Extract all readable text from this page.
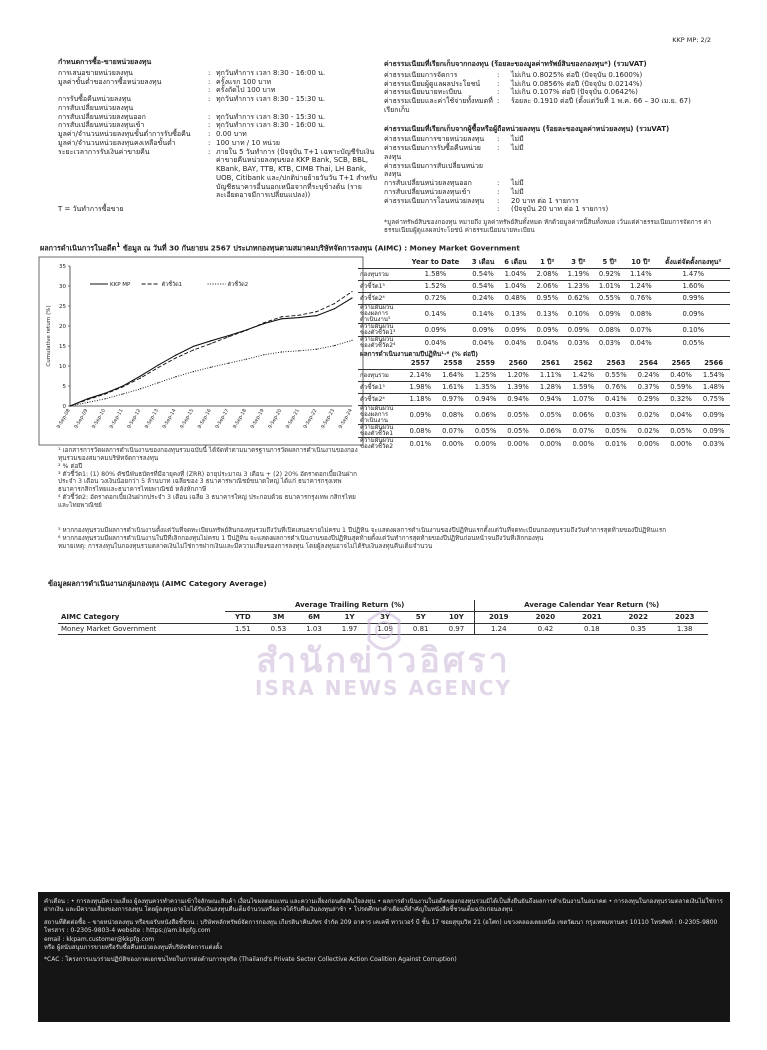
KKP MP: 2/2
กำหนดการซื้อ-ขายหน่วยลงทุน
การเสนอขายหน่วยลงทุน	: ทุกวันทำการ เวลา 8:30 - 16:00 น.
มูลค่าขั้นต่ำของการซื้อหน่วยลงทุน	: ครั้งแรก 100 บาท
: ครั้งถัดไป 100 บาท
การรับซื้อคืนหน่วยลงทุน	: ทุกวันทำการ เวลา 8:30 - 15:30 น.
การสับเปลี่ยนหน่วยลงทุน
การสับเปลี่ยนหน่วยลงทุนออก	: ทุกวันทำการ เวลา 8:30 - 15:30 น.
การสับเปลี่ยนหน่วยลงทุนเข้า	: ทุกวันทำการ เวลา 8:30 - 16:00 น.
มูลค่า/จำนวนหน่วยลงทุนขั้นต่ำการรับซื้อคืน	: 0.00 บาท
มูลค่า/จำนวนหน่วยลงทุนคงเหลือขั้นต่ำ	: 100 บาท / 10 หน่วย
ระยะเวลาการรับเงินค่าขายคืน	: ภายใน 5 วันทำการ (ปัจจุบัน T+1 เฉพาะบัญชีรับเงินค่าขายคืนหน่วยลงทุนของ KKP Bank, SCB, BBL, KBank, BAY, TTB, KTB, CIMB Thai, LH Bank, UOB, Citibank และ/ปกติบ่ายย้ายวันวัน T+1 สำหรับบัญชีธนาคารอื่นนอกเหนือจากที่ระบุข้างต้น (รายละเอียดอาจมีการเปลี่ยนแปลง))
T = วันทำการซื้อขาย
ค่าธรรมเนียมที่เรียกเก็บจากกองทุน (ร้อยละของมูลค่าทรัพย์สินของกองทุน*) (รวมVAT)
ค่าธรรมเนียมการจัดการ	:	ไม่เกิน 0.8025% ต่อปี (ปัจจุบัน 0.1600%)
ค่าธรรมเนียมผู้ดูแลผลประโยชน์	:	ไม่เกิน 0.0856% ต่อปี (ปัจจุบัน 0.0214%)
ค่าธรรมเนียมนายทะเบียน	:	ไม่เกิน 0.107% ต่อปี (ปัจจุบัน 0.0642%)
ค่าธรรมเนียมและค่าใช้จ่ายทั้งหมดที่เรียกเก็บ
:	ร้อยละ 0.1910 ต่อปี (ตั้งแต่วันที่ 1 พ.ค. 66 – 30 เม.ย. 67)
ค่าธรรมเนียมที่เรียกเก็บจากผู้ซื้อหรือผู้ถือหน่วยลงทุน (ร้อยละของมูลค่าหน่วยลงทุน) (รวมVAT)
ค่าธรรมเนียมการขายหน่วยลงทุน	:	ไม่มี
ค่าธรรมเนียมการรับซื้อคืนหน่วยลงทุน
:	ไม่มี
ค่าธรรมเนียมการสับเปลี่ยนหน่วยลงทุน
การสับเปลี่ยนหน่วยลงทุนออก	:	ไม่มี
การสับเปลี่ยนหน่วยลงทุนเข้า	:	ไม่มี
ค่าธรรมเนียมการโอนหน่วยลงทุน	:	20 บาท ต่อ 1 รายการ
:	(ปัจจุบัน 20 บาท ต่อ 1 รายการ)
*มูลค่าทรัพย์สินของกองทุน หมายถึง มูลค่าทรัพย์สินทั้งหมด หักด้วยมูลค่าหนี้สินทั้งหมด เว้นแต่ค่าธรรมเนียมการจัดการ ค่าธรรมเนียมผู้ดูแลผลประโยชน์ ค่าธรรมเนียมนายทะเบียน
ผลการดำเนินการในอดีต$^1$ ข้อมูล ณ วันที่ 30 กันยายน 2567 ประเภทกองทุนตามสมาคมบริษัทจัดการลงทุน (AIMC) : Money Market Government
0
5
10
15
20
25
30
35
Cumulative return (%)
9-Sep-08 9-Sep-09 9-Sep-10 9-Sep-11 9-Sep-12 9-Sep-13 9-Sep-14 9-Sep-15 9-Sep-16 9-Sep-17 9-Sep-18 9-Sep-19 9-Sep-20 9-Sep-21 9-Sep-22 9-Sep-23 9-Sep-24
KKP MP	ตัวชี้วัด1	ตัวชี้วัด2
	Year to Date	3 เดือน	6 เดือน	1 ปี²	3 ปี²	5 ปี²	10 ปี²	ตั้งแต่จัดตั้งกองทุน²
กองทุนรวม	1.58%	0.54%	1.04%	2.08%	1.19%	0.92%	1.14%	1.47%
ตัวชี้วัด1³	1.52%	0.54%	1.04%	2.06%	1.23%	1.01%	1.24%	1.60%
ตัวชี้วัด2⁴	0.72%	0.24%	0.48%	0.95%	0.62%	0.55%	0.76%	0.99%
ความผันผวนของผลการดำเนินงาน⁵	0.14%	0.14%	0.13%	0.13%	0.10%	0.09%	0.08%	0.09%
ความผันผวนของตัวชี้วัด1³	0.09%	0.09%	0.09%	0.09%	0.09%	0.08%	0.07%	0.10%
ความผันผวนของตัวชี้วัด2⁴	0.04%	0.04%	0.04%	0.04%	0.03%	0.03%	0.04%	0.05%
ผลการดำเนินงานตามปีปฏิทิน¹·⁶ (% ต่อปี)
	2557	2558	2559	2560	2561	2562	2563	2564	2565	2566
กองทุนรวม	2.14%	1.64%	1.25%	1.20%	1.11%	1.42%	0.55%	0.24%	0.40%	1.54%
ตัวชี้วัด1³	1.98%	1.61%	1.35%	1.39%	1.28%	1.59%	0.76%	0.37%	0.59%	1.48%
ตัวชี้วัด2⁴	1.18%	0.97%	0.94%	0.94%	0.94%	1.07%	0.41%	0.29%	0.32%	0.75%
ความผันผวนของผลการดำเนินงาน	0.09%	0.08%	0.06%	0.05%	0.05%	0.06%	0.03%	0.02%	0.04%	0.09%
ความผันผวนของตัวชี้วัด1	0.08%	0.07%	0.05%	0.05%	0.06%	0.07%	0.05%	0.02%	0.05%	0.09%
ความผันผวนของตัวชี้วัด2	0.01%	0.00%	0.00%	0.00%	0.00%	0.00%	0.01%	0.00%	0.00%	0.03%
¹ เอกสารการวัดผลการดำเนินงานของกองทุนรวมฉบับนี้ ได้จัดทำตามมาตรฐานการวัดผลการดำเนินงานของกองทุนรวมของสมาคมบริษัทจัดการลงทุน
² % ต่อปี
³ ตัวชี้วัด1: (1) 80% ดัชนีพันธบัตรที่มีอายุคงที่ (ZRR) อายุประมาณ 3 เดือน + (2) 20% อัตราดอกเบี้ยเงินฝากประจำ 3 เดือน วงเงินน้อยกว่า 5 ล้านบาท เฉลี่ยของ 3 ธนาคารพาณิชย์ขนาดใหญ่ ได้แก่ ธนาคารกรุงเทพ ธนาคารกสิกรไทยและธนาคารไทยพาณิชย์ หลังหักภาษี
⁴ ตัวชี้วัด2: อัตราดอกเบี้ยเงินฝากประจำ 3 เดือน เฉลี่ย 3 ธนาคารใหญ่ ประกอบด้วย ธนาคารกรุงเทพ กสิกรไทย และไทยพาณิชย์
⁵ หากกองทุนรวมมีผลการดำเนินงานตั้งแต่วันที่จดทะเบียนทรัพย์สินกองทุนรวมถึงวันที่เปิดเสนอขายไม่ครบ 1 ปีปฏิทิน จะแสดงผลการดำเนินงานของปีปฏิทินแรกตั้งแต่วันที่จดทะเบียนกองทุนรวมถึงวันทำการสุดท้ายของปีปฏิทินแรก
⁶ หากกองทุนรวมมีผลการดำเนินงานในปีที่เลิกกองทุนไม่ครบ 1 ปีปฏิทิน จะแสดงผลการดำเนินงานของปีปฏิทินสุดท้ายตั้งแต่วันทำการสุดท้ายของปีปฏิทินก่อนหน้าจนถึงวันที่เลิกกองทุน
หมายเหตุ: การลงทุนในกองทุนรวมตลาดเงินไม่ใช่การฝากเงินและมีความเสี่ยงของการลงทุน โดยผู้ลงทุนอาจไม่ได้รับเงินลงทุนคืนเต็มจำนวน
ข้อมูลผลการดำเนินงานกลุ่มกองทุน (AIMC Category Average)
	Average Trailing Return (%)							Average Calendar Year Return (%)				
AIMC Category	YTD	3M	6M	1Y	3Y	5Y	10Y	2019	2020	2021	2022	2023
Money Market Government	1.51	0.53	1.03	1.97	1.09	0.81	0.97	1.24	0.42	0.18	0.35	1.38
สำนักข่าวอิศรา
ISRA NEWS AGENCY

คำเตือน : • การลงทุนมีความเสี่ยง ผู้ลงทุนควรทำความเข้าใจลักษณะสินค้า เงื่อนไขผลตอบแทน และความเสี่ยงก่อนตัดสินใจลงทุน • ผลการดำเนินงานในอดีตของกองทุนรวมมิได้เป็นสิ่งยืนยันถึงผลการดำเนินงานในอนาคต • การลงทุนในกองทุนรวมตลาดเงินไม่ใช่การฝากเงิน และมีความเสี่ยงของการลงทุน โดยผู้ลงทุนอาจไม่ได้รับเงินลงทุนคืนเต็มจำนวนหรืออาจได้รับคืนเงินลงทุนล่าช้า • โปรดศึกษาคำเตือนที่สำคัญในหนังสือชี้ชวนเต็มฉบับก่อนลงทุน

สถานที่ติดต่อซื้อ – ขายหน่วยลงทุน หรือขอรับหนังสือชี้ชวน : บริษัทหลักทรัพย์จัดการกองทุน เกียรตินาคินภัทร จำกัด 209 อาคาร เคเคพี ทาวเวอร์ บี ชั้น 17 ซอยสุขุมวิท 21 (อโศก) แขวงคลองเตยเหนือ เขตวัฒนา กรุงเทพมหานคร 10110 โทรศัพท์ : 0-2305-9800 โทรสาร : 0-2305-9803-4 website : https://am.kkpfg.com

email : kkpam.customer@kkpfg.com

หรือ ผู้สนับสนุนการขายหรือรับซื้อคืนหน่วยลงทุนที่บริษัทจัดการแต่งตั้ง

*CAC : โครงการแนวร่วมปฏิบัติของภาคเอกชนไทยในการต่อต้านการทุจริต (Thailand's Private Sector Collective Action Coalition Against Corruption)
